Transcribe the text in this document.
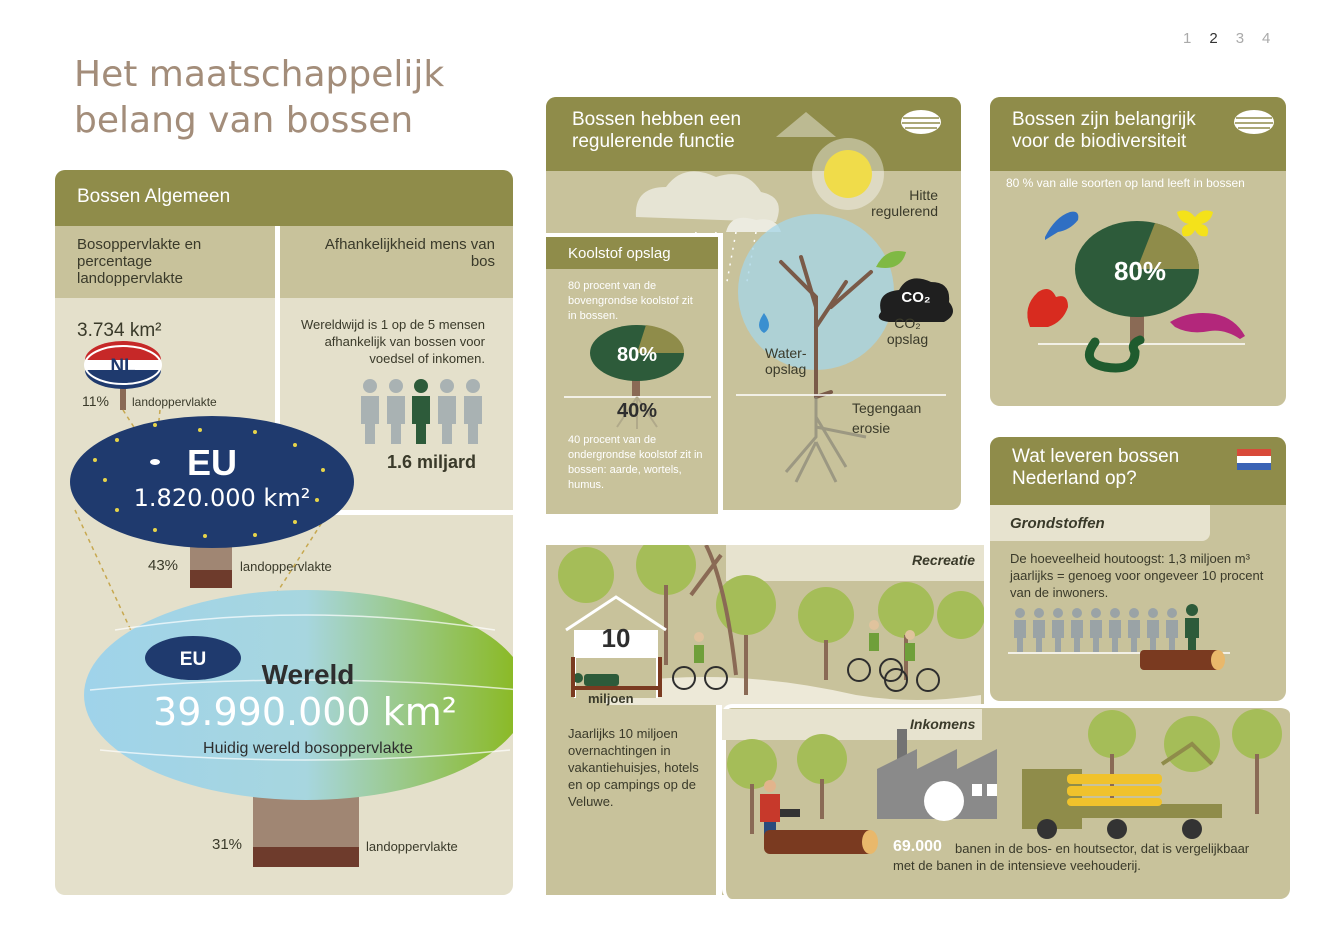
1234
Het maatschappelijk
belang van bossen
Bossen Algemeen
Bosoppervlakte en percentage landoppervlakte
Afhankelijkheid mens van bos
3.734 km²	Wereldwijd is 1 op de 5 mensen afhankelijk van bossen voor voedsel of inkomen.
1.6 miljard
11% landoppervlakte
43%	landoppervlakte
31%	landoppervlakte
NL
EU
1.820.000 km²
EU Wereld
39.990.000 km²
Huidig wereld bosoppervlakte
Bossen hebben een regulerende functie
CO₂
Hitte regulerend
CO₂ opslag
Water- opslag
Tegengaan erosie
Koolstof opslag
80 procent van de bovengrondse koolstof zit in bossen.
40 procent van de ondergrondse koolstof zit in bossen: aarde, wortels, humus.
80%
40%
Bossen zijn belangrijk voor de biodiversiteit
80 % van alle soorten op land leeft in bossen
80%
Wat leveren bossen Nederland op?
Grondstoffen
De hoeveelheid houtoogst: 1,3 miljoen m³ jaarlijks = genoeg voor ongeveer 10 procent van de inwoners.
10
Recreatie
miljoen
Jaarlijks 10 miljoen overnachtingen in vakantiehuisjes, hotels en op campings op de Veluwe.
Inkomens
69.000	banen in de bos- en houtsector, dat is vergelijkbaar met de banen in de intensieve veehouderij.
